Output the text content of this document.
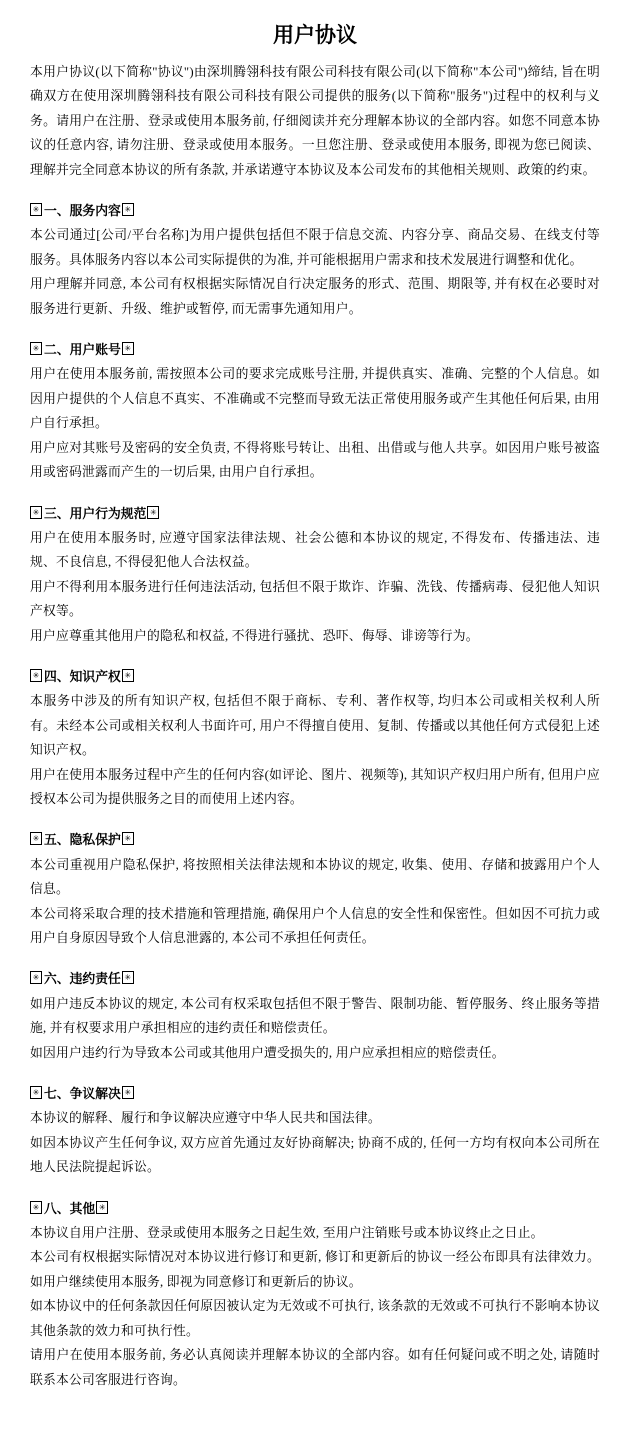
用户协议

本用户协议(以下简称"协议")由深圳腾翎科技有限公司科技有限公司(以下简称"本公司")缔结, 旨在明确双方在使用深圳腾翎科技有限公司科技有限公司提供的服务(以下简称"服务")过程中的权利与义务。请用户在注册、登录或使用本服务前, 仔细阅读并充分理解本协议的全部内容。如您不同意本协议的任意内容, 请勿注册、登录或使用本服务。一旦您注册、登录或使用本服务, 即视为您已阅读、理解并完全同意本协议的所有条款, 并承诺遵守本协议及本公司发布的其他相关规则、政策的约束。

✳ 一、服务内容 ✳

本公司通过[公司/平台名称]为用户提供包括但不限于信息交流、内容分享、商品交易、在线支付等服务。具体服务内容以本公司实际提供的为准, 并可能根据用户需求和技术发展进行调整和优化。

用户理解并同意, 本公司有权根据实际情况自行决定服务的形式、范围、期限等, 并有权在必要时对服务进行更新、升级、维护或暂停, 而无需事先通知用户。

✳ 二、用户账号 ✳

用户在使用本服务前, 需按照本公司的要求完成账号注册, 并提供真实、准确、完整的个人信息。如因用户提供的个人信息不真实、不准确或不完整而导致无法正常使用服务或产生其他任何后果, 由用户自行承担。

用户应对其账号及密码的安全负责, 不得将账号转让、出租、出借或与他人共享。如因用户账号被盗用或密码泄露而产生的一切后果, 由用户自行承担。

✳ 三、用户行为规范 ✳

用户在使用本服务时, 应遵守国家法律法规、社会公德和本协议的规定, 不得发布、传播违法、违规、不良信息, 不得侵犯他人合法权益。

用户不得利用本服务进行任何违法活动, 包括但不限于欺诈、诈骗、洗钱、传播病毒、侵犯他人知识产权等。

用户应尊重其他用户的隐私和权益, 不得进行骚扰、恐吓、侮辱、诽谤等行为。

✳ 四、知识产权 ✳

本服务中涉及的所有知识产权, 包括但不限于商标、专利、著作权等, 均归本公司或相关权利人所有。未经本公司或相关权利人书面许可, 用户不得擅自使用、复制、传播或以其他任何方式侵犯上述知识产权。

用户在使用本服务过程中产生的任何内容(如评论、图片、视频等), 其知识产权归用户所有, 但用户应授权本公司为提供服务之目的而使用上述内容。

✳ 五、隐私保护 ✳

本公司重视用户隐私保护, 将按照相关法律法规和本协议的规定, 收集、使用、存储和披露用户个人信息。

本公司将采取合理的技术措施和管理措施, 确保用户个人信息的安全性和保密性。但如因不可抗力或用户自身原因导致个人信息泄露的, 本公司不承担任何责任。

✳ 六、违约责任 ✳

如用户违反本协议的规定, 本公司有权采取包括但不限于警告、限制功能、暂停服务、终止服务等措施, 并有权要求用户承担相应的违约责任和赔偿责任。

如因用户违约行为导致本公司或其他用户遭受损失的, 用户应承担相应的赔偿责任。

✳ 七、争议解决 ✳

本协议的解释、履行和争议解决应遵守中华人民共和国法律。

如因本协议产生任何争议, 双方应首先通过友好协商解决; 协商不成的, 任何一方均有权向本公司所在地人民法院提起诉讼。

✳ 八、其他 ✳

本协议自用户注册、登录或使用本服务之日起生效, 至用户注销账号或本协议终止之日止。

本公司有权根据实际情况对本协议进行修订和更新, 修订和更新后的协议一经公布即具有法律效力。如用户继续使用本服务, 即视为同意修订和更新后的协议。

如本协议中的任何条款因任何原因被认定为无效或不可执行, 该条款的无效或不可执行不影响本协议其他条款的效力和可执行性。

请用户在使用本服务前, 务必认真阅读并理解本协议的全部内容。如有任何疑问或不明之处, 请随时联系本公司客服进行咨询。
